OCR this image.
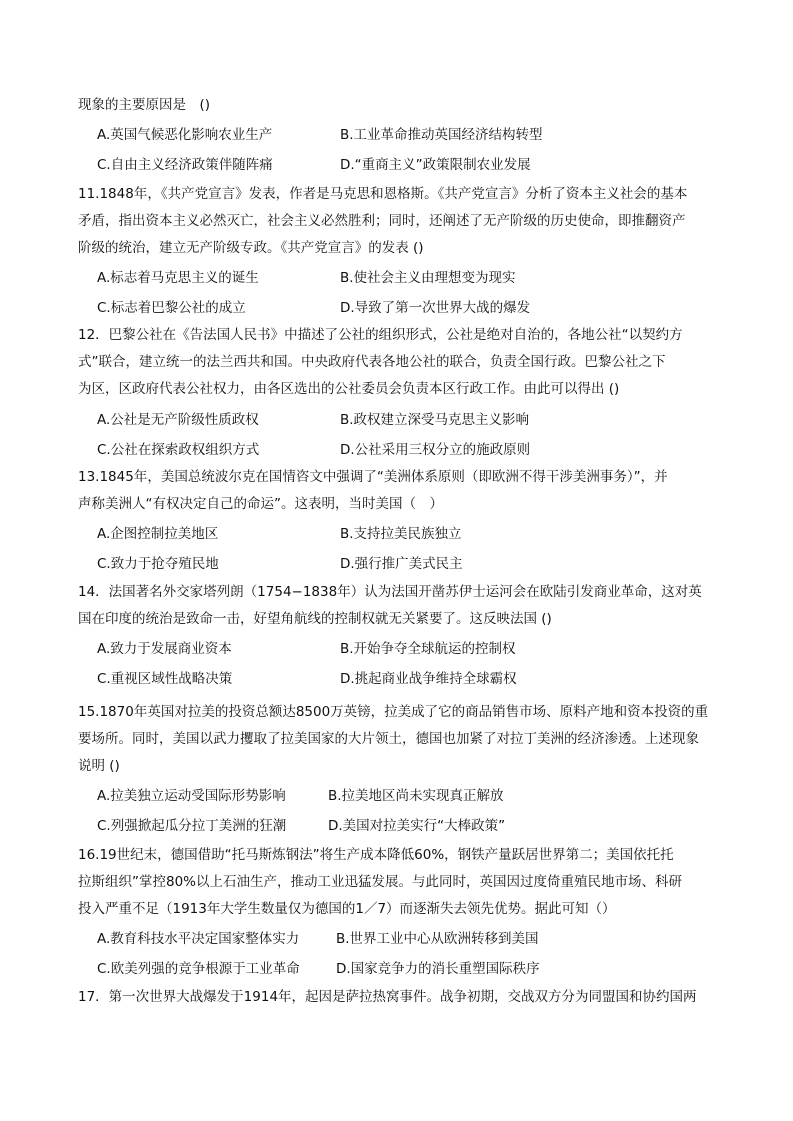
现象的主要原因是　()
A.英国气候恶化影响农业生产	B.工业革命推动英国经济结构转型
C.自由主义经济政策伴随阵痛	D.“重商主义”政策限制农业发展
11.1848年，《共产党宣言》发表，作者是马克思和恩格斯。《共产党宣言》分析了资本主义社会的基本
矛盾，指出资本主义必然灭亡，社会主义必然胜利；同时，还阐述了无产阶级的历史使命，即推翻资产
阶级的统治，建立无产阶级专政。《共产党宣言》的发表 ()
A.标志着马克思主义的诞生	B.使社会主义由理想变为现实
C.标志着巴黎公社的成立	D.导致了第一次世界大战的爆发
12．巴黎公社在《告法国人民书》中描述了公社的组织形式，公社是绝对自治的，各地公社“以契约方
式”联合，建立统一的法兰西共和国。中央政府代表各地公社的联合，负责全国行政。巴黎公社之下
为区，区政府代表公社权力，由各区选出的公社委员会负责本区行政工作。由此可以得出 ()
A.公社是无产阶级性质政权	B.政权建立深受马克思主义影响
C.公社在探索政权组织方式	D.公社采用三权分立的施政原则
13.1845年，美国总统波尔克在国情咨文中强调了“美洲体系原则（即欧洲不得干涉美洲事务）”，并
声称美洲人“有权决定自己的命运”。这表明，当时美国（　）
A.企图控制拉美地区	B.支持拉美民族独立
C.致力于抢夺殖民地	D.强行推广美式民主
14．法国著名外交家塔列朗（1754−1838年）认为法国开凿苏伊士运河会在欧陆引发商业革命，这对英
国在印度的统治是致命一击，好望角航线的控制权就无关紧要了。这反映法国 ()
A.致力于发展商业资本	B.开始争夺全球航运的控制权
C.重视区域性战略决策	D.挑起商业战争维持全球霸权
15.1870年英国对拉美的投资总额达8500万英镑，拉美成了它的商品销售市场、原料产地和资本投资的重
要场所。同时，美国以武力攫取了拉美国家的大片领土，德国也加紧了对拉丁美洲的经济渗透。上述现象
说明 ()
A.拉美独立运动受国际形势影响	B.拉美地区尚未实现真正解放
C.列强掀起瓜分拉丁美洲的狂潮	D.美国对拉美实行“大棒政策”
16.19世纪末，德国借助“托马斯炼钢法”将生产成本降低60%，钢铁产量跃居世界第二；美国依托托
拉斯组织”掌控80%以上石油生产，推动工业迅猛发展。与此同时，英国因过度倚重殖民地市场、科研
投入严重不足（1913年大学生数量仅为德国的1／7）而逐渐失去领先优势。据此可知（）
A.教育科技水平决定国家整体实力	B.世界工业中心从欧洲转移到美国
C.欧美列强的竞争根源于工业革命	D.国家竞争力的消长重塑国际秩序
17．第一次世界大战爆发于1914年，起因是萨拉热窝事件。战争初期，交战双方分为同盟国和协约国两
